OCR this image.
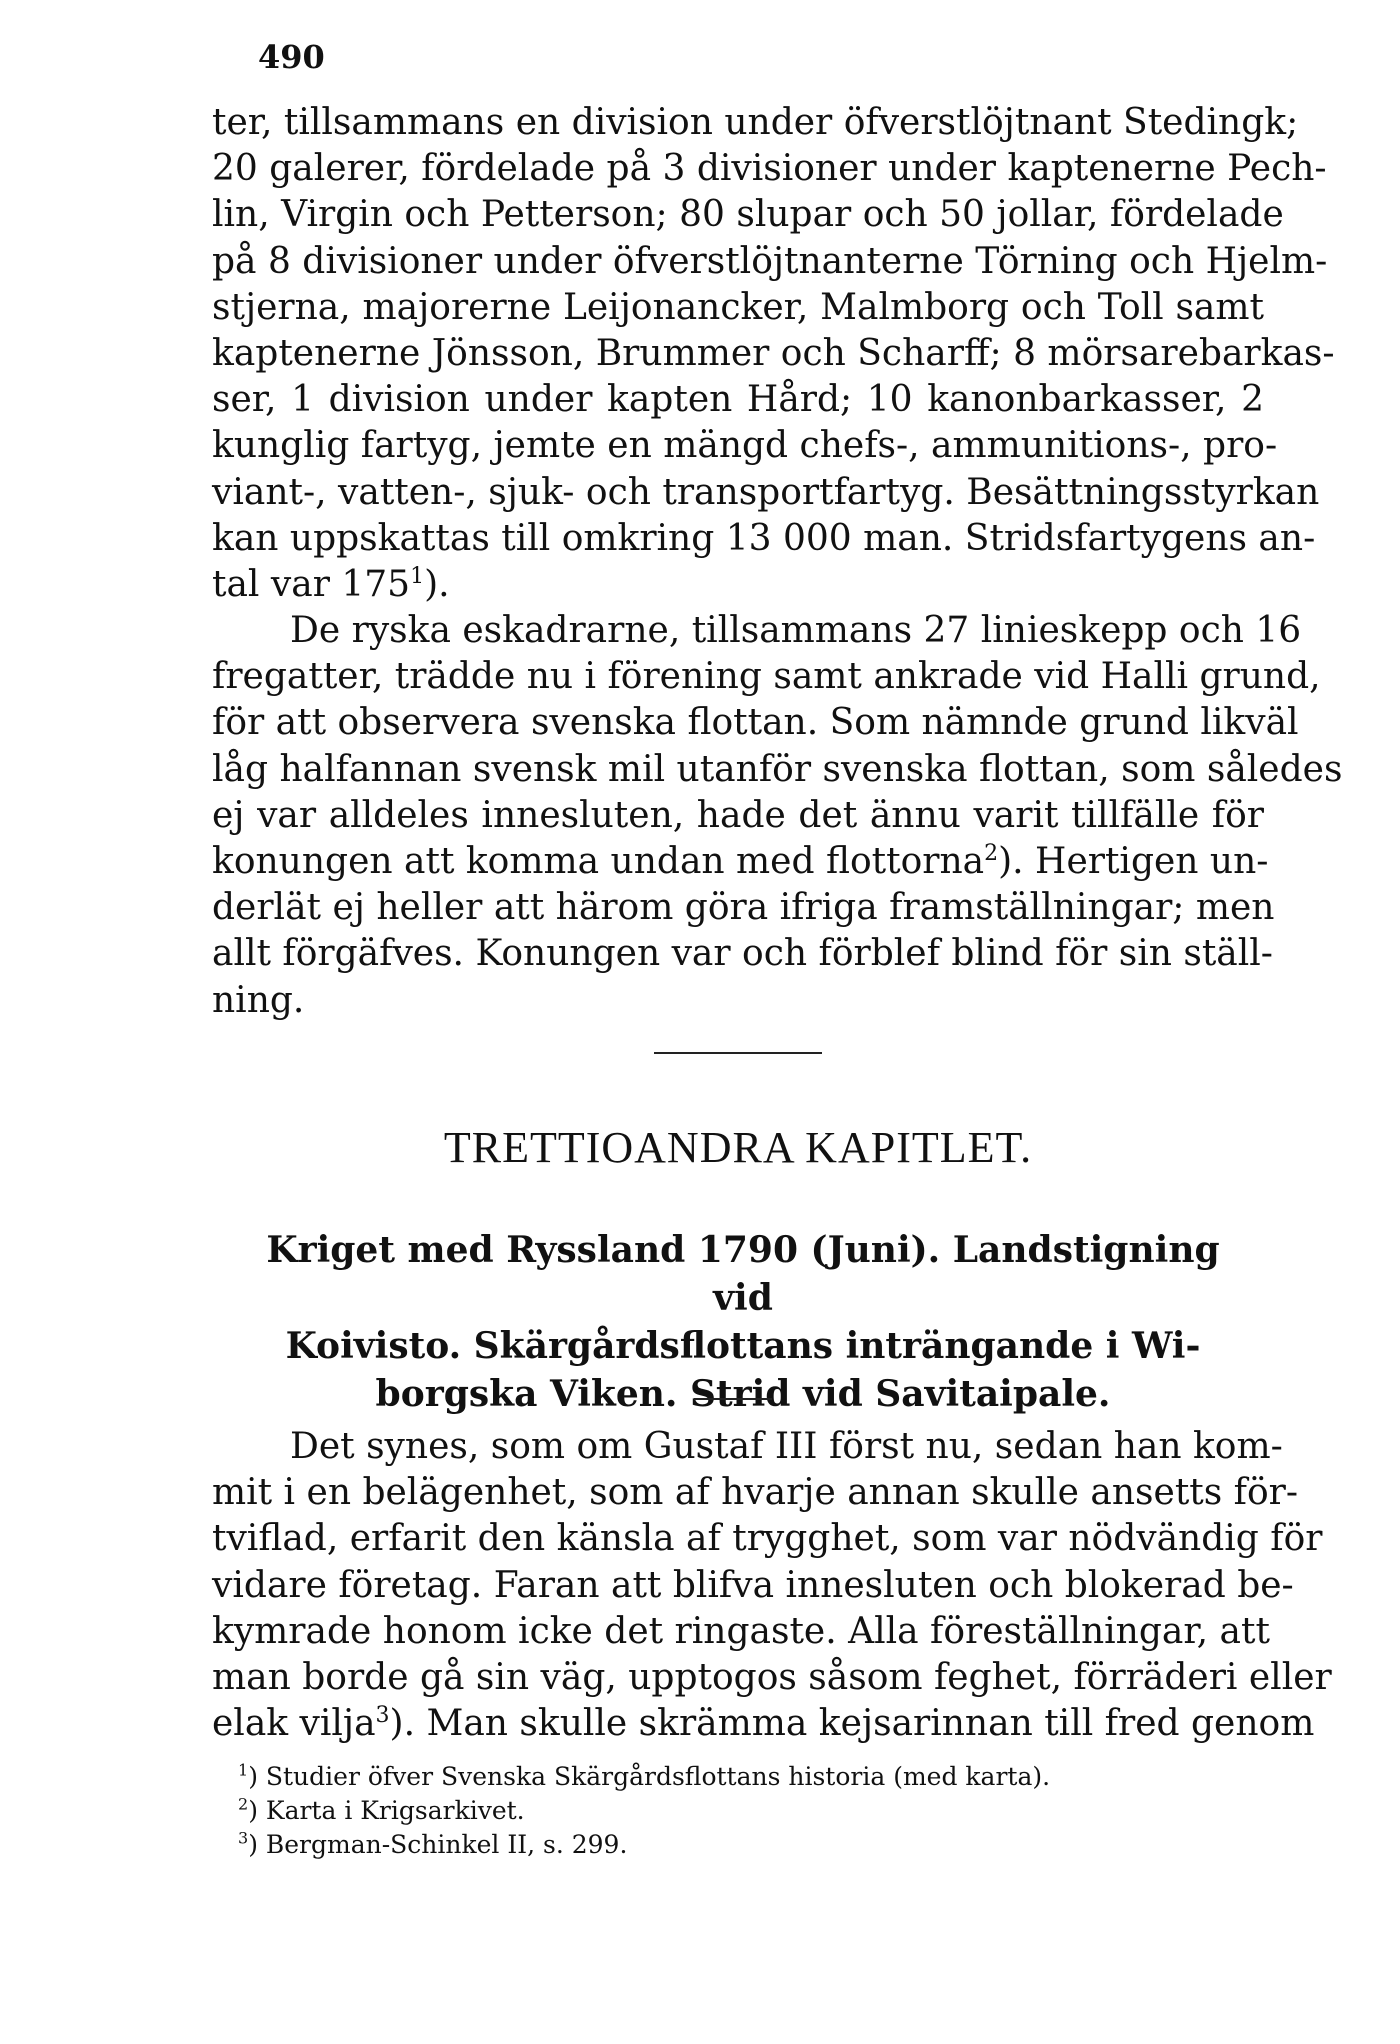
490
ter, tillsammans en division under öfverstlöjtnant Stedingk;
20 galerer, fördelade på 3 divisioner under kaptenerne Pech-
lin, Virgin och Petterson; 80 slupar och 50 jollar, fördelade
på 8 divisioner under öfverstlöjtnanterne Törning och Hjelm-
stjerna, majorerne Leijonancker, Malmborg och Toll samt
kaptenerne Jönsson, Brummer och Scharff; 8 mörsarebarkas-
ser, 1 division under kapten Hård; 10 kanonbarkasser, 2
kunglig fartyg, jemte en mängd chefs-, ammunitions-, pro-
viant-, vatten-, sjuk- och transportfartyg. Besättningsstyrkan
kan uppskattas till omkring 13 000 man. Stridsfartygens an-
tal var $175^1$).
De ryska eskadrarne, tillsammans 27 linieskepp och 16
fregatter, trädde nu i förening samt ankrade vid Halli grund,
för att observera svenska flottan. Som nämnde grund likväl
låg halfannan svensk mil utanför svenska flottan, som således
ej var alldeles innesluten, hade det ännu varit tillfälle för
konungen att komma undan med flottorna$^2$). Hertigen un-
derlät ej heller att härom göra ifriga framställningar; men
allt förgäfves. Konungen var och förblef blind för sin ställ-
ning.
TRETTIOANDRA KAPITLET.
Kriget med Ryssland 1790 (Juni). Landstigning vid
Koivisto. Skärgårdsflottans inträngande i Wi-
borgska Viken. Strid vid Savitaipale.
Det synes, som om Gustaf III först nu, sedan han kom-
mit i en belägenhet, som af hvarje annan skulle ansetts för-
tviflad, erfarit den känsla af trygghet, som var nödvändig för
vidare företag. Faran att blifva innesluten och blokerad be-
kymrade honom icke det ringaste. Alla föreställningar, att
man borde gå sin väg, upptogos såsom feghet, förräderi eller
elak vilja$^3$). Man skulle skrämma kejsarinnan till fred genom
$^1$) Studier öfver Svenska Skärgårdsflottans historia (med karta).
$^2$) Karta i Krigsarkivet.
$^3$) Bergman-Schinkel II, s. 299.
